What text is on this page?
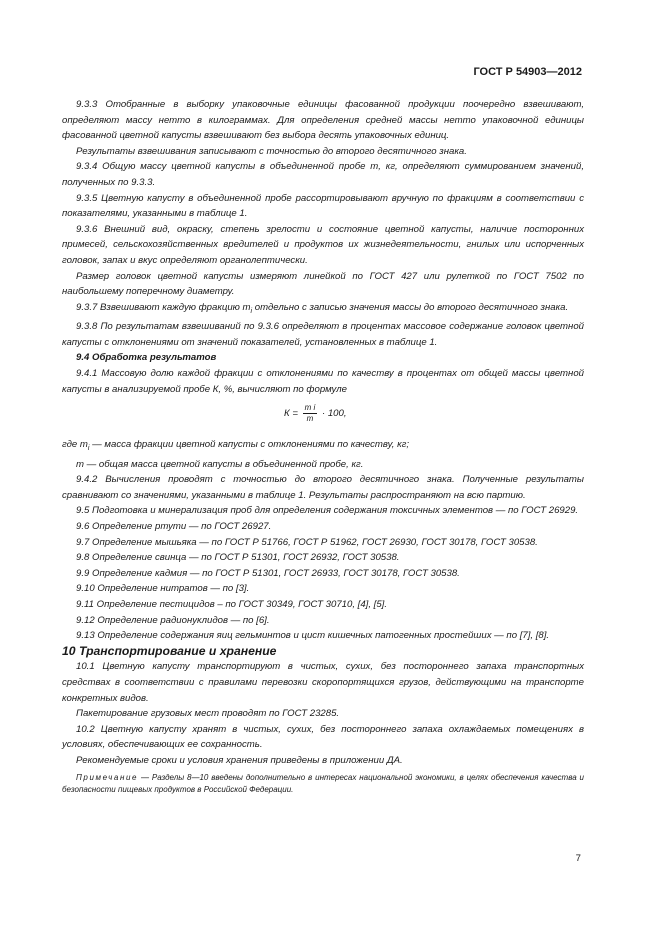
ГОСТ Р 54903—2012

9.3.3 Отобранные в выборку упаковочные единицы фасованной продукции поочередно взвешивают, определяют массу нетто в килограммах. Для определения средней массы нетто упаковочной единицы фасованной цветной капусты взвешивают без выбора десять упаковочных единиц.

Результаты взвешивания записывают с точностью до второго десятичного знака.

9.3.4 Общую массу цветной капусты в объединенной пробе m, кг, определяют суммированием значений, полученных по 9.3.3.

9.3.5 Цветную капусту в объединенной пробе рассортировывают вручную по фракциям в соответствии с показателями, указанными в таблице 1.

9.3.6 Внешний вид, окраску, степень зрелости и состояние цветной капусты, наличие посторонних примесей, сельскохозяйственных вредителей и продуктов их жизнедеятельности, гнилых или испорченных головок, запах и вкус определяют органолептически.

Размер головок цветной капусты измеряют линейкой по ГОСТ 427 или рулеткой по ГОСТ 7502 по наибольшему поперечному диаметру.

9.3.7 Взвешивают каждую фракцию $m_i$ отдельно с записью значения массы до второго десятичного знака.

9.3.8 По результатам взвешиваний по 9.3.6 определяют в процентах массовое содержание головок цветной капусты с отклонениями от значений показателей, установленных в таблице 1.

9.4 Обработка результатов

9.4.1 Массовую долю каждой фракции с отклонениями по качеству в процентах от общей массы цветной капусты в анализируемой пробе К, %, вычисляют по формуле

$К = \frac{\text{m i}}{m} \cdot 100$,

где $m_i$ — масса фракции цветной капусты с отклонениями по качеству, кг;

m — общая масса цветной капусты в объединенной пробе, кг.

9.4.2 Вычисления проводят с точностью до второго десятичного знака. Полученные результаты сравнивают со значениями, указанными в таблице 1. Результаты распространяют на всю партию.

9.5 Подготовка и минерализация проб для определения содержания токсичных элементов — по ГОСТ 26929.

9.6 Определение ртути — по ГОСТ 26927.

9.7 Определение мышьяка — по ГОСТ Р 51766, ГОСТ Р 51962, ГОСТ 26930, ГОСТ 30178, ГОСТ 30538.

9.8 Определение свинца — по ГОСТ Р 51301, ГОСТ 26932, ГОСТ 30538.

9.9 Определение кадмия — по ГОСТ Р 51301, ГОСТ 26933, ГОСТ 30178, ГОСТ 30538.

9.10 Определение нитратов — по [3].

9.11 Определение пестицидов – по ГОСТ 30349, ГОСТ 30710, [4], [5].

9.12 Определение радионуклидов — по [6].

9.13 Определение содержания яиц гельминтов и цист кишечных патогенных простейших — по [7], [8].

10 Транспортирование и хранение

10.1 Цветную капусту транспортируют в чистых, сухих, без постороннего запаха транспортных средствах в соответствии с правилами перевозки скоропортящихся грузов, действующими на транспорте конкретных видов.

Пакетирование грузовых мест проводят по ГОСТ 23285.

10.2 Цветную капусту хранят в чистых, сухих, без постороннего запаха охлаждаемых помещениях в условиях, обеспечивающих ее сохранность.

Рекомендуемые сроки и условия хранения приведены в приложении ДА.

Примечание — Разделы 8—10 введены дополнительно в интересах национальной экономики, в целях обеспечения качества и безопасности пищевых продуктов в Российской Федерации.

7
